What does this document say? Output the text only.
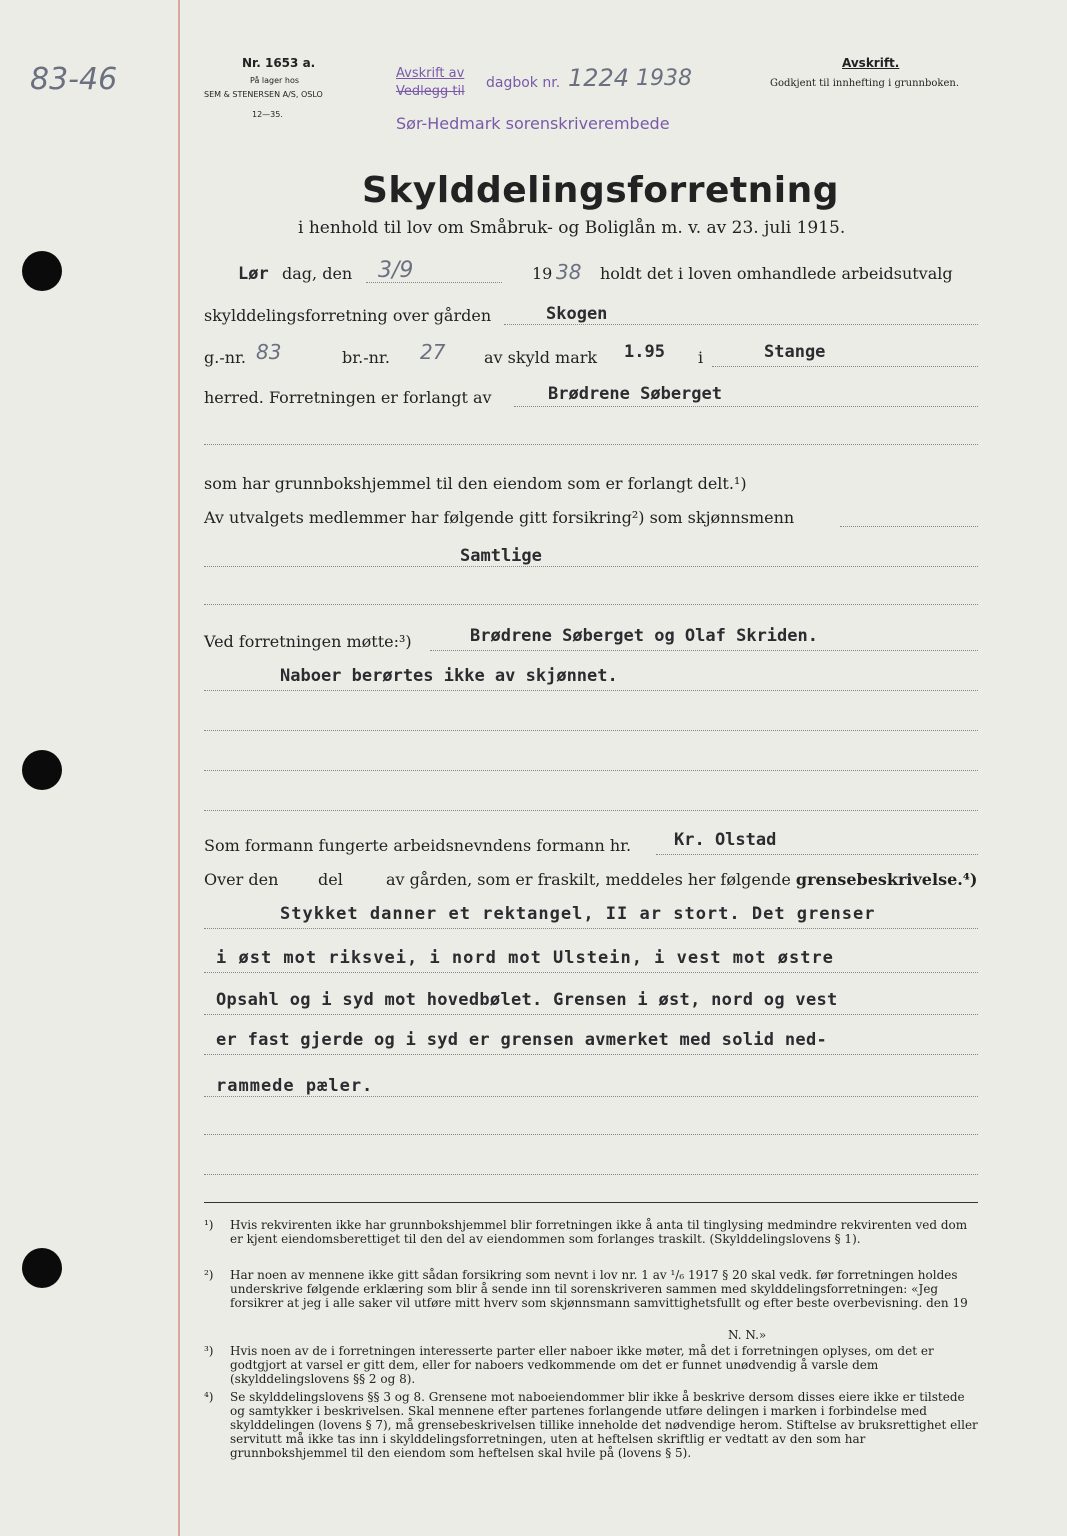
83-46	Nr. 1653 a.
På lager hos
SEM & STENERSEN A/S, OSLO
12—35.
Avskrift av
Vedlegg til
dagbok nr. 1224 1938
Sør-Hedmark sorenskriverembede
Avskrift.
Godkjent til innhefting i grunnboken.
Skylddelingsforretning
i henhold til lov om Småbruk- og Boliglån m. v. av 23. juli 1915.
Lør dag, den 3/9	19 38 holdt det i loven omhandlede arbeidsutvalg
skylddelingsforretning over gården	Skogen
g.-nr. 83	br.-nr. 27 av skyld mark 1.95 i	Stange
herred. Forretningen er forlangt av	Brødrene Søberget
som har grunnbokshjemmel til den eiendom som er forlangt delt.¹)
Av utvalgets medlemmer har følgende gitt forsikring²) som skjønnsmenn
Samtlige
Ved forretningen møtte:³)	Brødrene Søberget og Olaf Skriden.
Naboer berørtes ikke av skjønnet.
Som formann fungerte arbeidsnevndens formann hr.	Kr. Olstad
Over den del	av gården, som er fraskilt, meddeles her følgende grensebeskrivelse.⁴)
Stykket danner et rektangel, II ar stort. Det grenser
i øst mot riksvei, i nord mot Ulstein, i vest mot østre
Opsahl og i syd mot hovedbølet. Grensen i øst, nord og vest
er fast gjerde og i syd er grensen avmerket med solid ned-
rammede pæler.
¹) Hvis rekvirenten ikke har grunnbokshjemmel blir forretningen ikke å anta til tinglysing medmindre rekvirenten ved dom er kjent eiendomsberettiget til den del av eiendommen som forlanges traskilt. (Skylddelingslovens § 1).
²) Har noen av mennene ikke gitt sådan forsikring som nevnt i lov nr. 1 av ¹/₆ 1917 § 20 skal vedk. før forretningen holdes underskrive følgende erklæring som blir å sende inn til sorenskriveren sammen med skylddelingsforretningen: «Jeg forsikrer at jeg i alle saker vil utføre mitt hverv som skjønnsmann samvittighetsfullt og efter beste overbevisning. den 19
N. N.»
³) Hvis noen av de i forretningen interesserte parter eller naboer ikke møter, må det i forretningen oplyses, om det er godtgjort at varsel er gitt dem, eller for naboers vedkommende om det er funnet unødvendig å varsle dem (skylddelingslovens §§ 2 og 8).
⁴) Se skylddelingslovens §§ 3 og 8. Grensene mot naboeiendommer blir ikke å beskrive dersom disses eiere ikke er tilstede og samtykker i beskrivelsen. Skal mennene efter partenes forlangende utføre delingen i marken i forbindelse med skylddelingen (lovens § 7), må grensebeskrivelsen tillike inneholde det nødvendige herom. Stiftelse av bruksrettighet eller servitutt må ikke tas inn i skylddelingsforretningen, uten at heftelsen skriftlig er vedtatt av den som har grunnbokshjemmel til den eiendom som heftelsen skal hvile på (lovens § 5).
